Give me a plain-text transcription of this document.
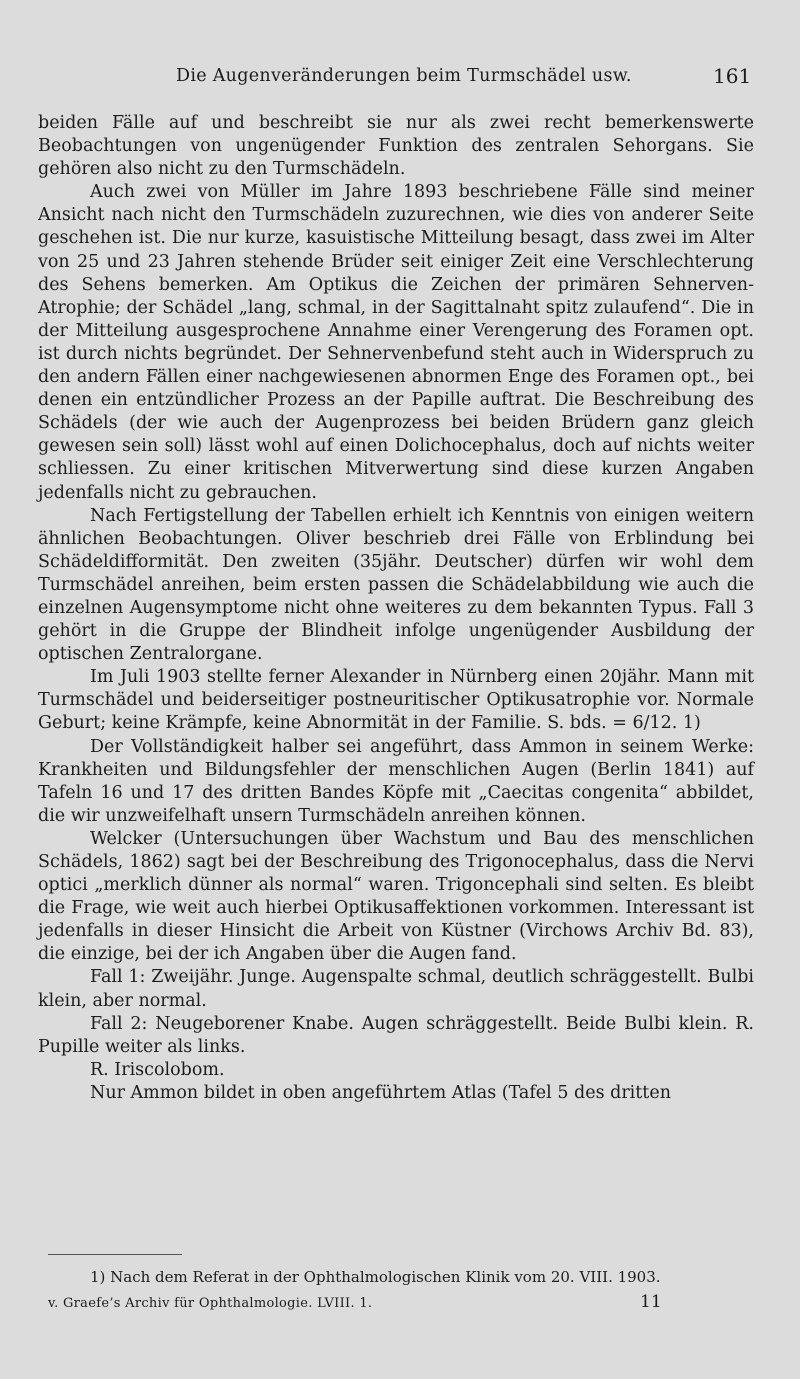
Die Augenveränderungen beim Turmschädel usw.	161

beiden Fälle auf und beschreibt sie nur als zwei recht bemerkenswerte Beobachtungen von ungenügender Funktion des zentralen Sehorgans. Sie gehören also nicht zu den Turmschädeln.

Auch zwei von Müller im Jahre 1893 beschriebene Fälle sind meiner Ansicht nach nicht den Turmschädeln zuzurechnen, wie dies von anderer Seite geschehen ist. Die nur kurze, kasuistische Mitteilung besagt, dass zwei im Alter von 25 und 23 Jahren stehende Brüder seit einiger Zeit eine Verschlechterung des Sehens bemerken. Am Optikus die Zeichen der primären Sehnerven-Atrophie; der Schädel „lang, schmal, in der Sagittalnaht spitz zulaufend“. Die in der Mitteilung ausgesprochene Annahme einer Verengerung des Foramen opt. ist durch nichts begründet. Der Sehnervenbefund steht auch in Widerspruch zu den andern Fällen einer nachgewiesenen abnormen Enge des Foramen opt., bei denen ein entzündlicher Prozess an der Papille auftrat. Die Beschreibung des Schädels (der wie auch der Augenprozess bei beiden Brüdern ganz gleich gewesen sein soll) lässt wohl auf einen Dolichocephalus, doch auf nichts weiter schliessen. Zu einer kritischen Mitverwertung sind diese kurzen Angaben jedenfalls nicht zu gebrauchen.

Nach Fertigstellung der Tabellen erhielt ich Kenntnis von einigen weitern ähnlichen Beobachtungen. Oliver beschrieb drei Fälle von Erblindung bei Schädeldifformität. Den zweiten (35jähr. Deutscher) dürfen wir wohl dem Turmschädel anreihen, beim ersten passen die Schädelabbildung wie auch die einzelnen Augensymptome nicht ohne weiteres zu dem bekannten Typus. Fall 3 gehört in die Gruppe der Blindheit infolge ungenügender Ausbildung der optischen Zentralorgane.

Im Juli 1903 stellte ferner Alexander in Nürnberg einen 20jähr. Mann mit Turmschädel und beiderseitiger postneuritischer Optikusatrophie vor. Normale Geburt; keine Krämpfe, keine Abnormität in der Familie. S. bds. = 6/12. 1)

Der Vollständigkeit halber sei angeführt, dass Ammon in seinem Werke: Krankheiten und Bildungsfehler der menschlichen Augen (Berlin 1841) auf Tafeln 16 und 17 des dritten Bandes Köpfe mit „Caecitas congenita“ abbildet, die wir unzweifelhaft unsern Turmschädeln anreihen können.

Welcker (Untersuchungen über Wachstum und Bau des menschlichen Schädels, 1862) sagt bei der Beschreibung des Trigonocephalus, dass die Nervi optici „merklich dünner als normal“ waren. Trigoncephali sind selten. Es bleibt die Frage, wie weit auch hierbei Optikusaffektionen vorkommen. Interessant ist jedenfalls in dieser Hinsicht die Arbeit von Küstner (Virchows Archiv Bd. 83), die einzige, bei der ich Angaben über die Augen fand.

Fall 1: Zweijähr. Junge. Augenspalte schmal, deutlich schräggestellt. Bulbi klein, aber normal.

Fall 2: Neugeborener Knabe. Augen schräggestellt. Beide Bulbi klein. R. Pupille weiter als links.

R. Iriscolobom.

Nur Ammon bildet in oben angeführtem Atlas (Tafel 5 des dritten

1) Nach dem Referat in der Ophthalmologischen Klinik vom 20. VIII. 1903.
v. Graefe’s Archiv für Ophthalmologie. LVIII. 1.	11
